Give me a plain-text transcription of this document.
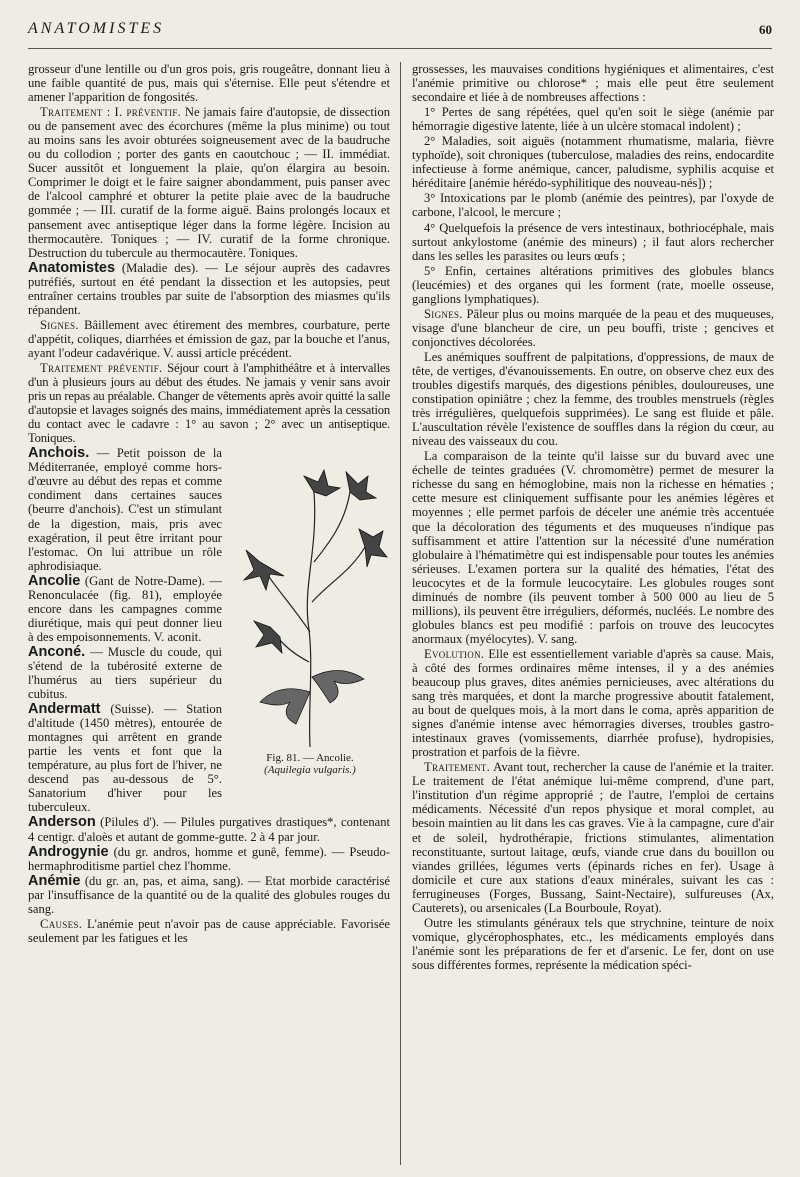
ANATOMISTES	60

grosseur d'une lentille ou d'un gros pois, gris rougeâtre, donnant lieu à une faible quantité de pus, mais qui s'éternise. Elle peut s'étendre et amener l'apparition de fongosités.

Traitement : I. préventif. Ne jamais faire d'autopsie, de dissection ou de pansement avec des écorchures (même la plus minime) ou tout au moins sans les avoir obturées soigneusement avec de la baudruche ou du collodion ; porter des gants en caoutchouc ; — II. immédiat. Sucer aussitôt et longuement la plaie, qu'on élargira au besoin. Comprimer le doigt et le faire saigner abondamment, puis panser avec de l'alcool camphré et obturer la petite plaie avec de la baudruche gommée ; — III. curatif de la forme aiguë. Bains prolongés locaux et pansement avec antiseptique léger dans la forme légère. Incision au thermocautère. Toniques ; — IV. curatif de la forme chronique. Destruction du tubercule au thermocautère. Toniques.

Anatomistes (Maladie des). — Le séjour auprès des cadavres putréfiés, surtout en été pendant la dissection et les autopsies, peut entraîner certains troubles par suite de l'absorption des miasmes qu'ils répandent.

Signes. Bâillement avec étirement des membres, courbature, perte d'appétit, coliques, diarrhées et émission de gaz, par la bouche et l'anus, ayant l'odeur cadavérique. V. aussi article précédent.

Traitement préventif. Séjour court à l'amphithéâtre et à intervalles d'un à plusieurs jours au début des études. Ne jamais y venir sans avoir pris un repas au préalable. Changer de vêtements après avoir quitté la salle d'autopsie et lavages soignés des mains, immédiatement après la cessation du contact avec le cadavre : 1° au savon ; 2° avec un antiseptique. Toniques.

Fig. 81. — Ancolie.
(Aquilegia vulgaris.)

Anchois. — Petit poisson de la Méditerranée, employé comme hors-d'œuvre au début des repas et comme condiment dans certaines sauces (beurre d'anchois). C'est un stimulant de la digestion, mais, pris avec exagération, il peut être irritant pour l'estomac. On lui attribue un rôle aphrodisiaque.

Ancolie (Gant de Notre-Dame). — Renonculacée (fig. 81), employée encore dans les campagnes comme diurétique, mais qui peut donner lieu à des empoisonnements. V. aconit.

Anconé. — Muscle du coude, qui s'étend de la tubérosité externe de l'humérus au tiers supérieur du cubitus.

Andermatt (Suisse). — Station d'altitude (1450 mètres), entourée de montagnes qui arrêtent en grande partie les vents et font que la température, au plus fort de l'hiver, ne descend pas au-dessous de 5°. Sanatorium d'hiver pour les tuberculeux.

Anderson (Pilules d'). — Pilules purgatives drastiques*, contenant 4 centigr. d'aloès et autant de gomme-gutte. 2 à 4 par jour.

Androgynie (du gr. andros, homme et gunê, femme). — Pseudo-hermaphroditisme partiel chez l'homme.

Anémie (du gr. an, pas, et aima, sang). — Etat morbide caractérisé par l'insuffisance de la quantité ou de la qualité des globules rouges du sang.

Causes. L'anémie peut n'avoir pas de cause appréciable. Favorisée seulement par les fatigues et les

grossesses, les mauvaises conditions hygiéniques et alimentaires, c'est l'anémie primitive ou chlorose* ; mais elle peut être seulement secondaire et liée à de nombreuses affections :

1° Pertes de sang répétées, quel qu'en soit le siège (anémie par hémorragie digestive latente, liée à un ulcère stomacal indolent) ;

2° Maladies, soit aiguës (notamment rhumatisme, malaria, fièvre typhoïde), soit chroniques (tuberculose, maladies des reins, endocardite infectieuse à forme anémique, cancer, paludisme, syphilis acquise et héréditaire [anémie hérédo-syphilitique des nouveau-nés]) ;

3° Intoxications par le plomb (anémie des peintres), par l'oxyde de carbone, l'alcool, le mercure ;

4° Quelquefois la présence de vers intestinaux, bothriocéphale, mais surtout ankylostome (anémie des mineurs) ; il faut alors rechercher dans les selles les parasites ou leurs œufs ;

5° Enfin, certaines altérations primitives des globules blancs (leucémies) et des organes qui les forment (rate, moelle osseuse, ganglions lymphatiques).

Signes. Pâleur plus ou moins marquée de la peau et des muqueuses, visage d'une blancheur de cire, un peu bouffi, triste ; gencives et conjonctives décolorées.

Les anémiques souffrent de palpitations, d'oppressions, de maux de tête, de vertiges, d'évanouissements. En outre, on observe chez eux des troubles digestifs marqués, des digestions pénibles, douloureuses, une constipation opiniâtre ; chez la femme, des troubles menstruels (règles très irrégulières, quelquefois supprimées). Le sang est fluide et pâle. L'auscultation révèle l'existence de souffles dans la région du cœur, au niveau des vaisseaux du cou.

La comparaison de la teinte qu'il laisse sur du buvard avec une échelle de teintes graduées (V. chromomètre) permet de mesurer la richesse du sang en hémoglobine, mais non la richesse en hématies ; cette mesure est cliniquement suffisante pour les anémies légères et moyennes ; elle permet parfois de déceler une anémie très accentuée que la décoloration des téguments et des muqueuses n'indique pas suffisamment et attire l'attention sur la nécessité d'une numération globulaire à l'hématimètre qui est indispensable pour toutes les anémies sérieuses. L'examen portera sur la qualité des hématies, l'état des leucocytes et de la formule leucocytaire. Les globules rouges sont diminués de nombre (ils peuvent tomber à 500 000 au lieu de 5 millions), ils peuvent être irréguliers, déformés, nucléés. Le nombre des globules blancs est peu modifié : parfois on trouve des leucocytes anormaux (myélocytes). V. sang.

Evolution. Elle est essentiellement variable d'après sa cause. Mais, à côté des formes ordinaires même intenses, il y a des anémies beaucoup plus graves, dites anémies pernicieuses, avec altérations du sang très marquées, et dont la marche progressive aboutit fatalement, au bout de quelques mois, à la mort dans le coma, après apparition de signes d'anémie intense avec hémorragies diverses, troubles gastro-intestinaux graves (vomissements, diarrhée profuse), hydropisies, prostration et parfois de la fièvre.

Traitement. Avant tout, rechercher la cause de l'anémie et la traiter. Le traitement de l'état anémique lui-même comprend, d'une part, l'institution d'un régime approprié ; de l'autre, l'emploi de certains médicaments. Nécessité d'un repos physique et moral complet, au besoin maintien au lit dans les cas graves. Vie à la campagne, cure d'air et de soleil, hydrothérapie, frictions stimulantes, alimentation reconstituante, surtout laitage, œufs, viande crue dans du bouillon ou viandes grillées, légumes verts (épinards riches en fer). Usage à domicile et cure aux stations d'eaux minérales, suivant les cas : ferrugineuses (Forges, Bussang, Saint-Nectaire), sulfureuses (Ax, Cauterets), ou arsenicales (La Bourboule, Royat).

Outre les stimulants généraux tels que strychnine, teinture de noix vomique, glycérophosphates, etc., les médicaments employés dans l'anémie sont les préparations de fer et d'arsenic. Le fer, dont on use sous différentes formes, représente la médication spéci-
